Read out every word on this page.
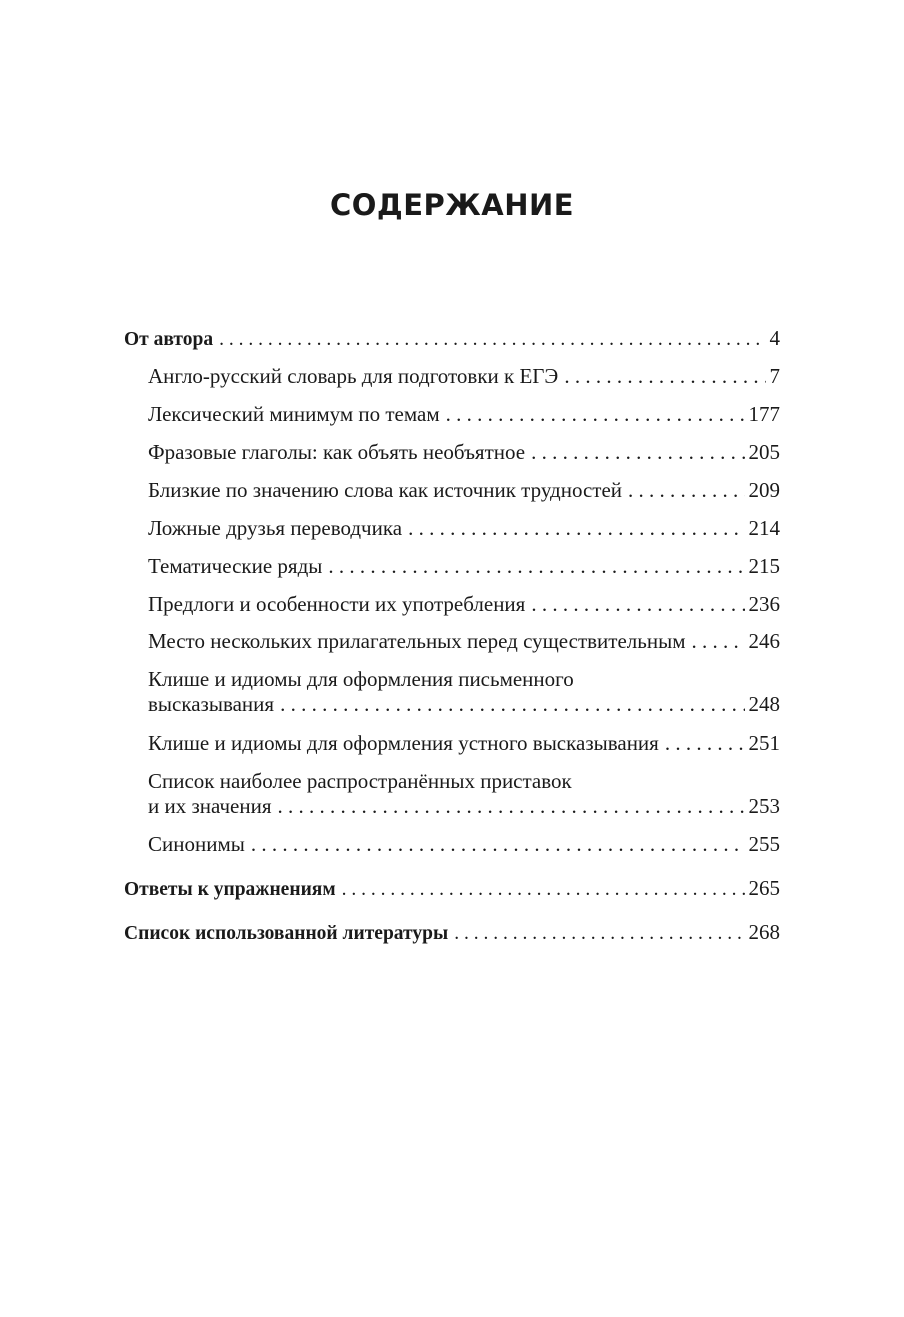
СОДЕРЖАНИЕ
От автора . . .	4
Англо-русский словарь для подготовки к ЕГЭ . . .	7
Лексический минимум по темам . . .	177
Фразовые глаголы: как объять необъятное . . .	205
Близкие по значению слова как источник трудностей . . .	209
Ложные друзья переводчика . . .	214
Тематические ряды . . .	215
Предлоги и особенности их употребления . . .	236
Место нескольких прилагательных перед существительным . . .	246
Клише и идиомы для оформления письменного
высказывания . . .	248
Клише и идиомы для оформления устного высказывания . . .	251
Список наиболее распространённых приставок
и их значения . . .	253
Синонимы . . .	255
Ответы к упражнениям . . .	265
Список использованной литературы . . .	268
